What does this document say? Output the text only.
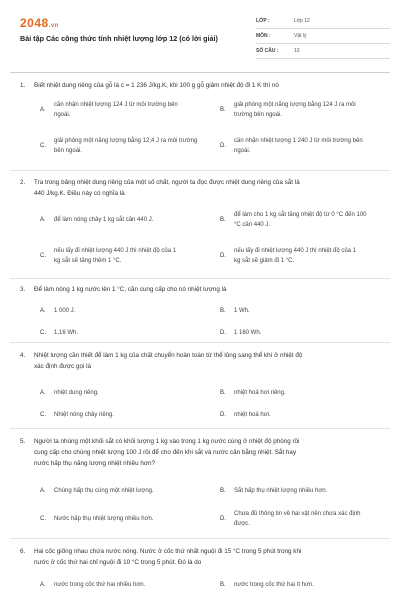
2048.vn
Bài tập Các công thức tính nhiệt lượng lớp 12 (có lời giải)
LỚP :	Lớp 12
MÔN :	Vật lý
SỐ CÂU :	13
1. Biết nhiệt dung riêng của gỗ là c = 1 236 J/kg.K, khi 100 g gỗ giảm nhiệt độ đi 1 K thì nó
A.
cần nhận nhiệt lượng 124 J từ môi trường bên ngoài.
B.
giải phóng một năng lượng bằng 124 J ra môi trường bên ngoài.
C.
giải phóng một năng lượng bằng 12,4 J ra môi trường bên ngoài.
D.
cần nhận nhiệt lượng 1 240 J từ môi trường bên ngoài.
2. Tra trong bảng nhiệt dung riêng của một số chất, người ta đọc được nhiệt dung riêng của sắt là
440 J/kg.K. Điều này có nghĩa là
A. để làm nóng chảy 1 kg sắt cần 440 J.	B.
để làm cho 1 kg sắt tăng nhiệt độ từ 0 °C đến 100 °C cần 440 J.
C.
nếu lấy đi nhiệt lượng 440 J thì nhiệt độ của 1 kg sắt sẽ tăng thêm 1 °C.
D.
nếu lấy đi nhiệt lượng 440 J thì nhiệt độ của 1 kg sắt sẽ giảm đi 1 °C.
3. Để làm nóng 1 kg nước lên 1 °C, cần cung cấp cho nó nhiệt lượng là
A. 1 000 J.	B. 1 Wh.
C. 1,16 Wh.	D. 1 160 Wh.
4. Nhiệt lượng cần thiết để làm 1 kg của chất chuyển hoàn toàn từ thể lỏng sang thể khí ở nhiệt độ
xác định được gọi là
A. nhiệt dung riêng.	B. nhiệt hoá hơi riêng.
C. Nhiệt nóng chảy riêng.	D. nhiệt hoá hơi.
5. Người ta nhúng một khối sắt có khối lượng 1 kg vào trong 1 kg nước cùng ở nhiệt độ phòng rồi
cung cấp cho chúng nhiệt lượng 100 J rồi để cho đến khi sắt và nước cân bằng nhiệt. Sắt hay
nước hấp thụ năng lượng nhiệt nhiều hơn?
A. Chúng hấp thụ cùng một nhiệt lượng.	B. Sắt hấp thụ nhiệt lượng nhiều hơn.
C. Nước hấp thụ nhiệt lượng nhiều hơn.	D.
Chưa đủ thông tin về hai vật nên chưa xác định được.
6. Hai cốc giống nhau chứa nước nóng. Nước ở cốc thứ nhất nguội đi 15 °C trong 5 phút trong khi
nước ở cốc thứ hai chỉ nguội đi 10 °C trong 5 phút. Đó là do
A. nước trong cốc thứ hai nhiều hơn.	B. nước trong cốc thứ hai ít hơn.
